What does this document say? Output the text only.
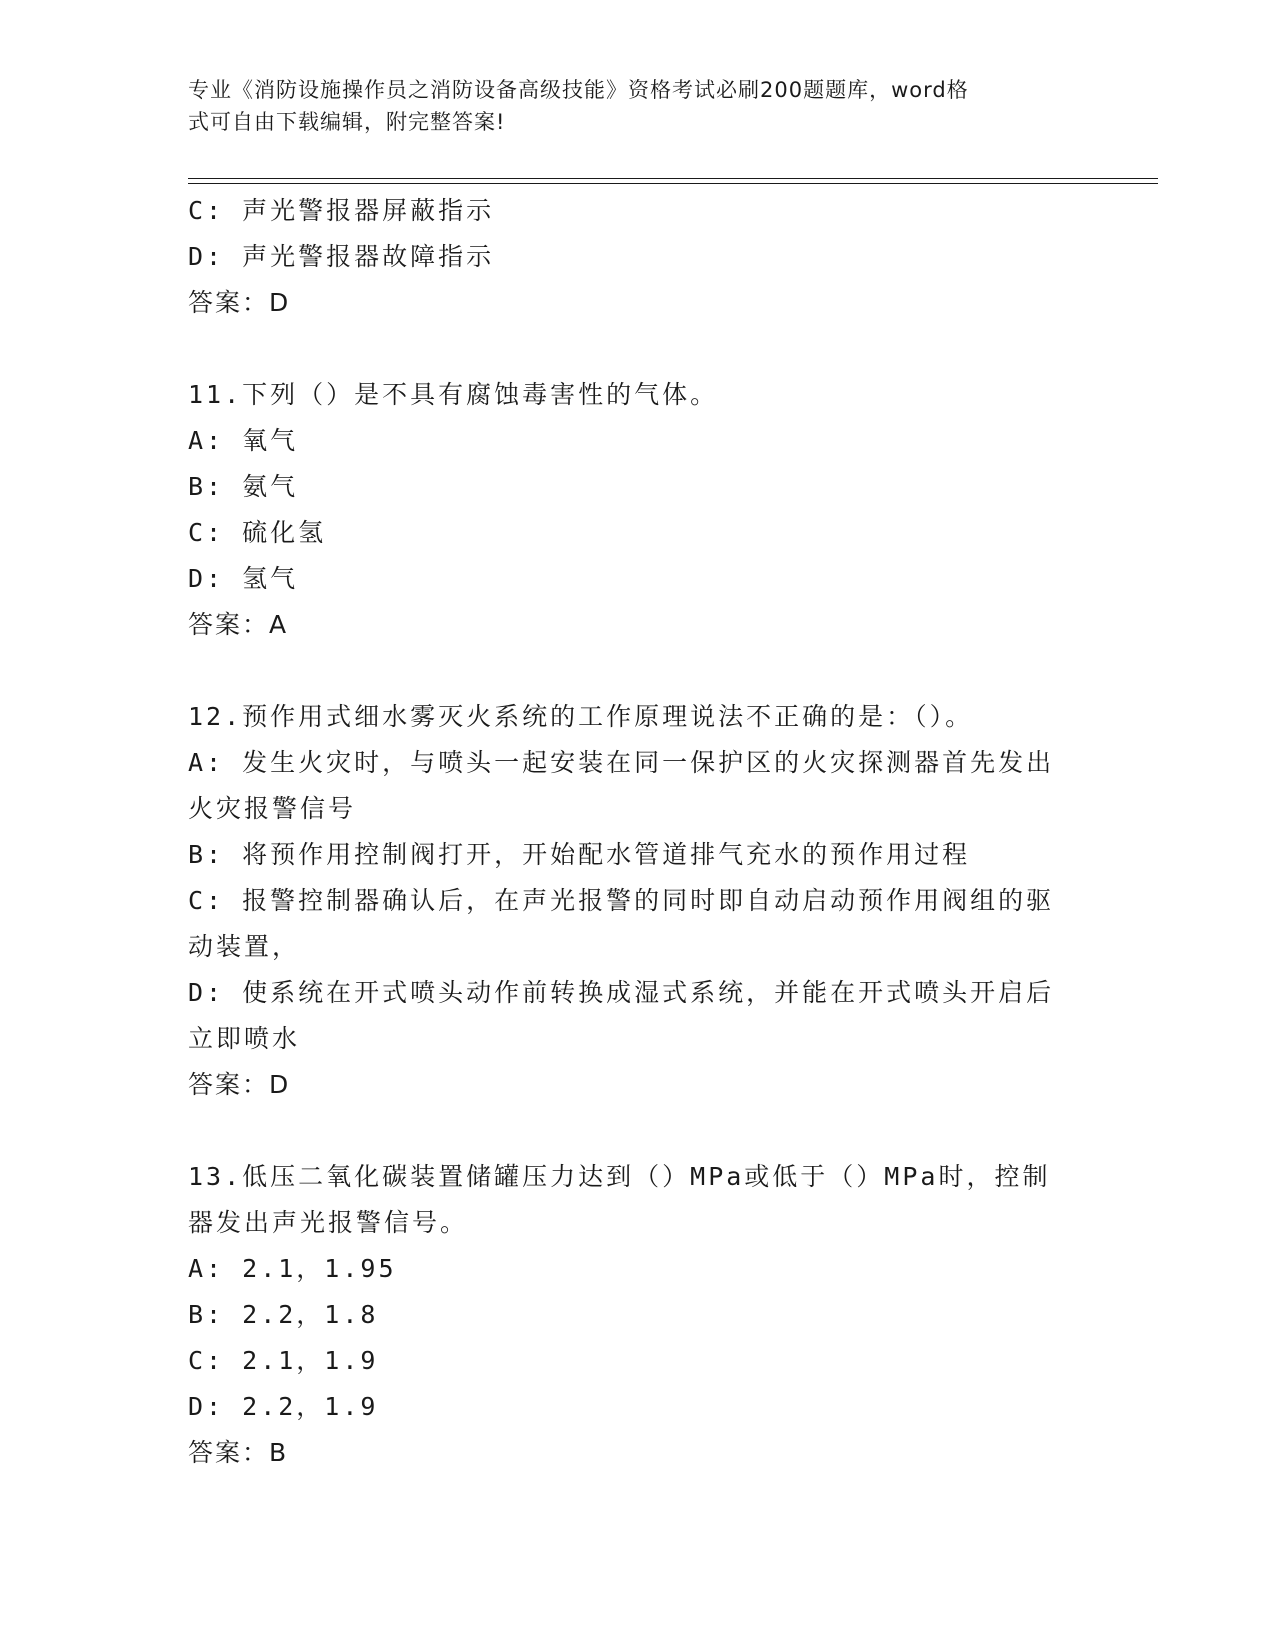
专业《消防设施操作员之消防设备高级技能》资格考试必刷200题题库，word格
式可自由下载编辑，附完整答案!
C: 声光警报器屏蔽指示
D: 声光警报器故障指示
答案：D
11.下列（）是不具有腐蚀毒害性的气体。
A: 氧气
B: 氨气
C: 硫化氢
D: 氢气
答案：A
12.预作用式细水雾灭火系统的工作原理说法不正确的是：（）。
A: 发生火灾时，与喷头一起安装在同一保护区的火灾探测器首先发出
火灾报警信号
B: 将预作用控制阀打开，开始配水管道排气充水的预作用过程
C: 报警控制器确认后，在声光报警的同时即自动启动预作用阀组的驱
动装置，
D: 使系统在开式喷头动作前转换成湿式系统，并能在开式喷头开启后
立即喷水
答案：D
13.低压二氧化碳装置储罐压力达到（）MPa或低于（）MPa时，控制
器发出声光报警信号。
A: 2.1，1.95
B: 2.2，1.8
C: 2.1，1.9
D: 2.2，1.9
答案：B
